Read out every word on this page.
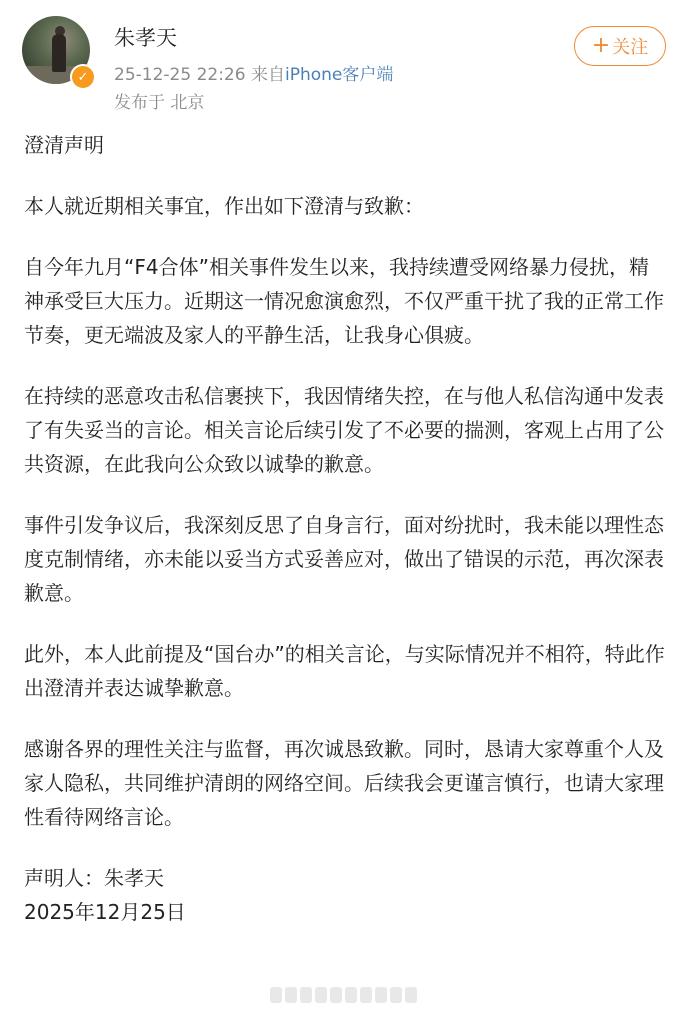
✓
朱孝天
25-12-25 22:26 来自iPhone客户端
发布于 北京
+ 关注

澄清声明

本人就近期相关事宜，作出如下澄清与致歉：

自今年九月“F4合体”相关事件发生以来，我持续遭受网络暴力侵扰，精神承受巨大压力。近期这一情况愈演愈烈，不仅严重干扰了我的正常工作节奏，更无端波及家人的平静生活，让我身心俱疲。

在持续的恶意攻击私信裹挟下，我因情绪失控，在与他人私信沟通中发表了有失妥当的言论。相关言论后续引发了不必要的揣测，客观上占用了公共资源，在此我向公众致以诚挚的歉意。

事件引发争议后，我深刻反思了自身言行，面对纷扰时，我未能以理性态度克制情绪，亦未能以妥当方式妥善应对，做出了错误的示范，再次深表歉意。

此外，本人此前提及“国台办”的相关言论，与实际情况并不相符，特此作出澄清并表达诚挚歉意。

感谢各界的理性关注与监督，再次诚恳致歉。同时，恳请大家尊重个人及家人隐私，共同维护清朗的网络空间。后续我会更谨言慎行，也请大家理性看待网络言论。

声明人：朱孝天

2025年12月25日
